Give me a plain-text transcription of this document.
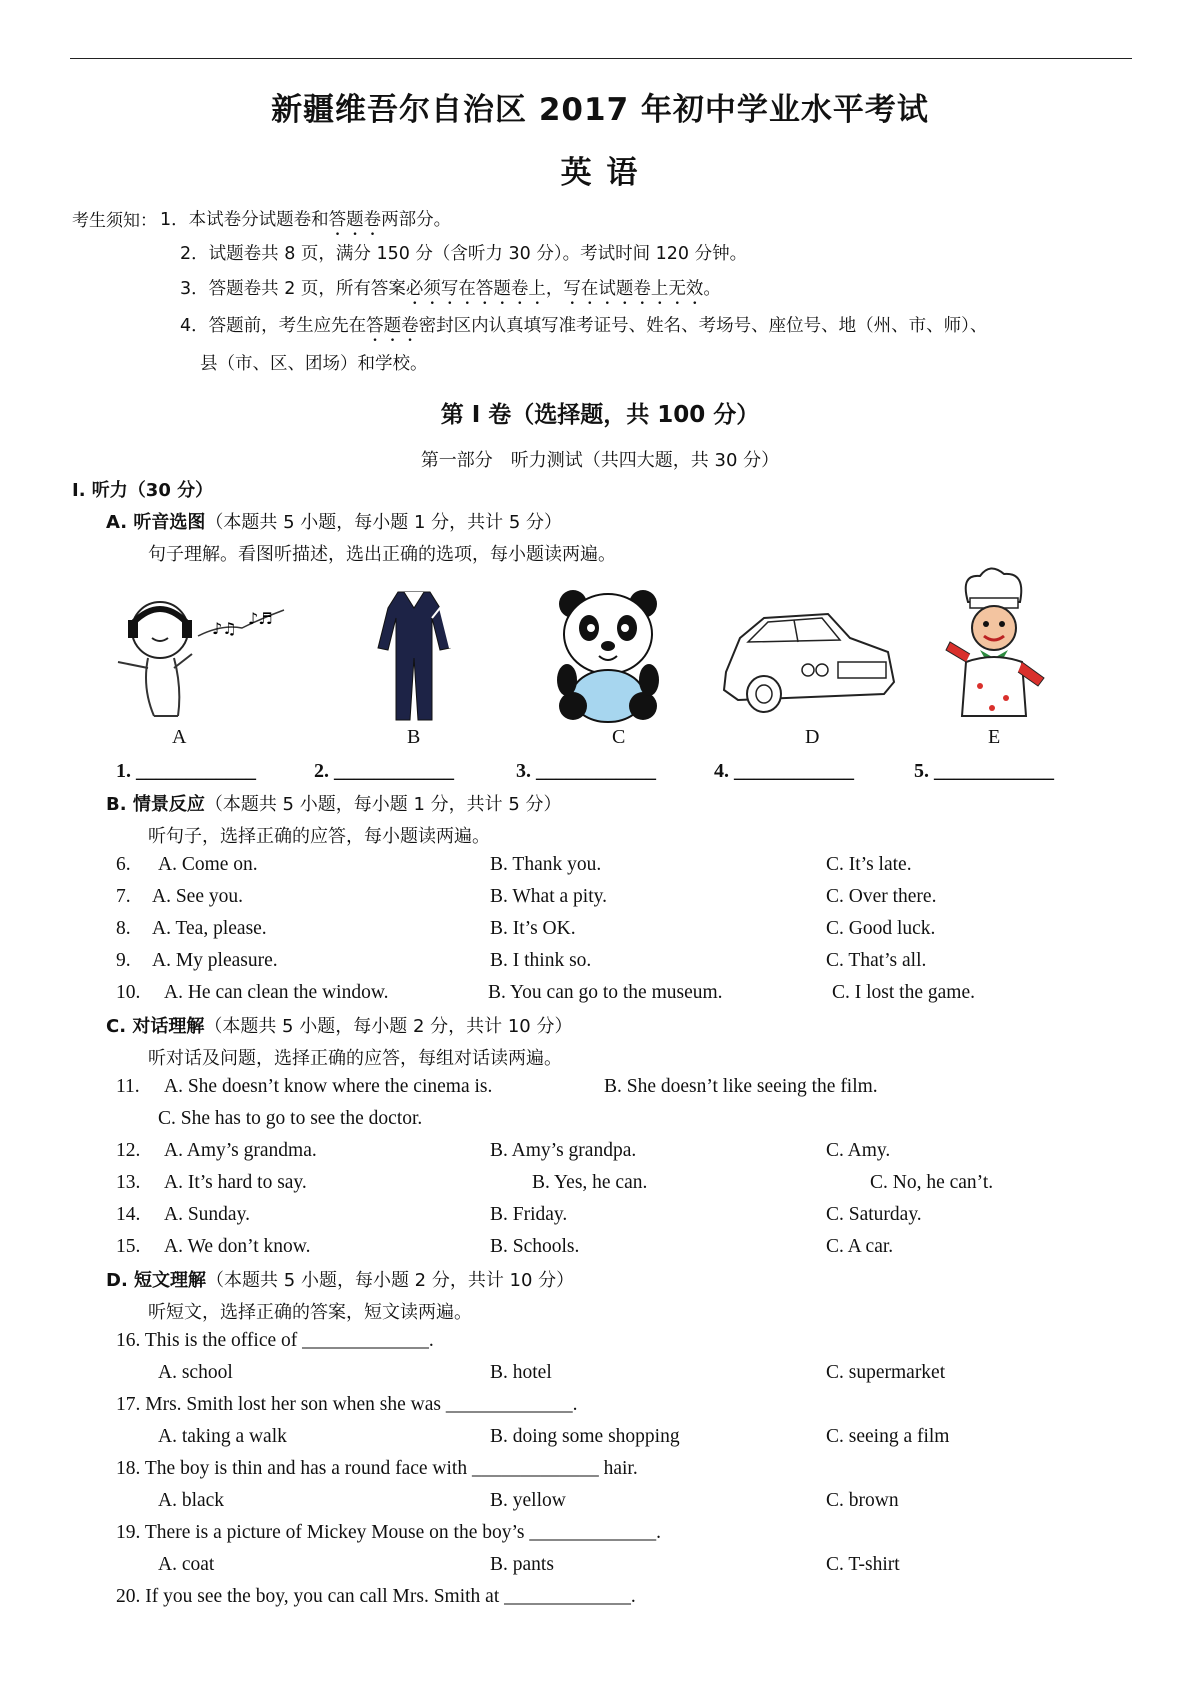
新疆维吾尔自治区 2017 年初中学业水平考试
英 语
考生须知： 1．本试卷分试题卷和答题卷两部分。
2．试题卷共 8 页，满分 150 分（含听力 30 分）。考试时间 120 分钟。
3．答题卷共 2 页，所有答案必须写在答题卷上，写在试题卷上无效。
4．答题前，考生应先在答题卷密封区内认真填写准考证号、姓名、考场号、座位号、地（州、市、师）、
县（市、区、团场）和学校。
第 I 卷（选择题，共 100 分）
第一部分　听力测试（共四大题，共 30 分）
I. 听力（30 分）
A. 听音选图（本题共 5 小题，每小题 1 分，共计 5 分）
句子理解。看图听描述，选出正确的选项，每小题读两遍。
♪♫
♪♬
A	B	C	D	E
1. ____________	2. ____________	3. ____________	4. ____________	5. ____________
B. 情景反应（本题共 5 小题，每小题 1 分，共计 5 分）
听句子，选择正确的应答，每小题读两遍。
6. A. Come on.	B. Thank you.	C. It’s late.
7. A. See you.	B. What a pity.	C. Over there.
8. A. Tea, please.	B. It’s OK.	C. Good luck.
9. A. My pleasure.	B. I think so.	C. That’s all.
10. A. He can clean the window.	B. You can go to the museum.	C. I lost the game.
C. 对话理解（本题共 5 小题，每小题 2 分，共计 10 分）
听对话及问题，选择正确的应答，每组对话读两遍。
11. A. She doesn’t know where the cinema is.	B. She doesn’t like seeing the film.
C. She has to go to see the doctor.
12. A. Amy’s grandma.	B. Amy’s grandpa.	C. Amy.
13. A. It’s hard to say.	B. Yes, he can.	C. No, he can’t.
14. A. Sunday.	B. Friday.	C. Saturday.
15. A. We don’t know.	B. Schools.	C. A car.
D. 短文理解（本题共 5 小题，每小题 2 分，共计 10 分）
听短文，选择正确的答案，短文读两遍。
16. This is the office of _____________.
A. school	B. hotel	C. supermarket
17. Mrs. Smith lost her son when she was _____________.
A. taking a walk	B. doing some shopping	C. seeing a film
18. The boy is thin and has a round face with _____________ hair.
A. black	B. yellow	C. brown
19. There is a picture of Mickey Mouse on the boy’s _____________.
A. coat	B. pants	C. T-shirt
20. If you see the boy, you can call Mrs. Smith at _____________.
